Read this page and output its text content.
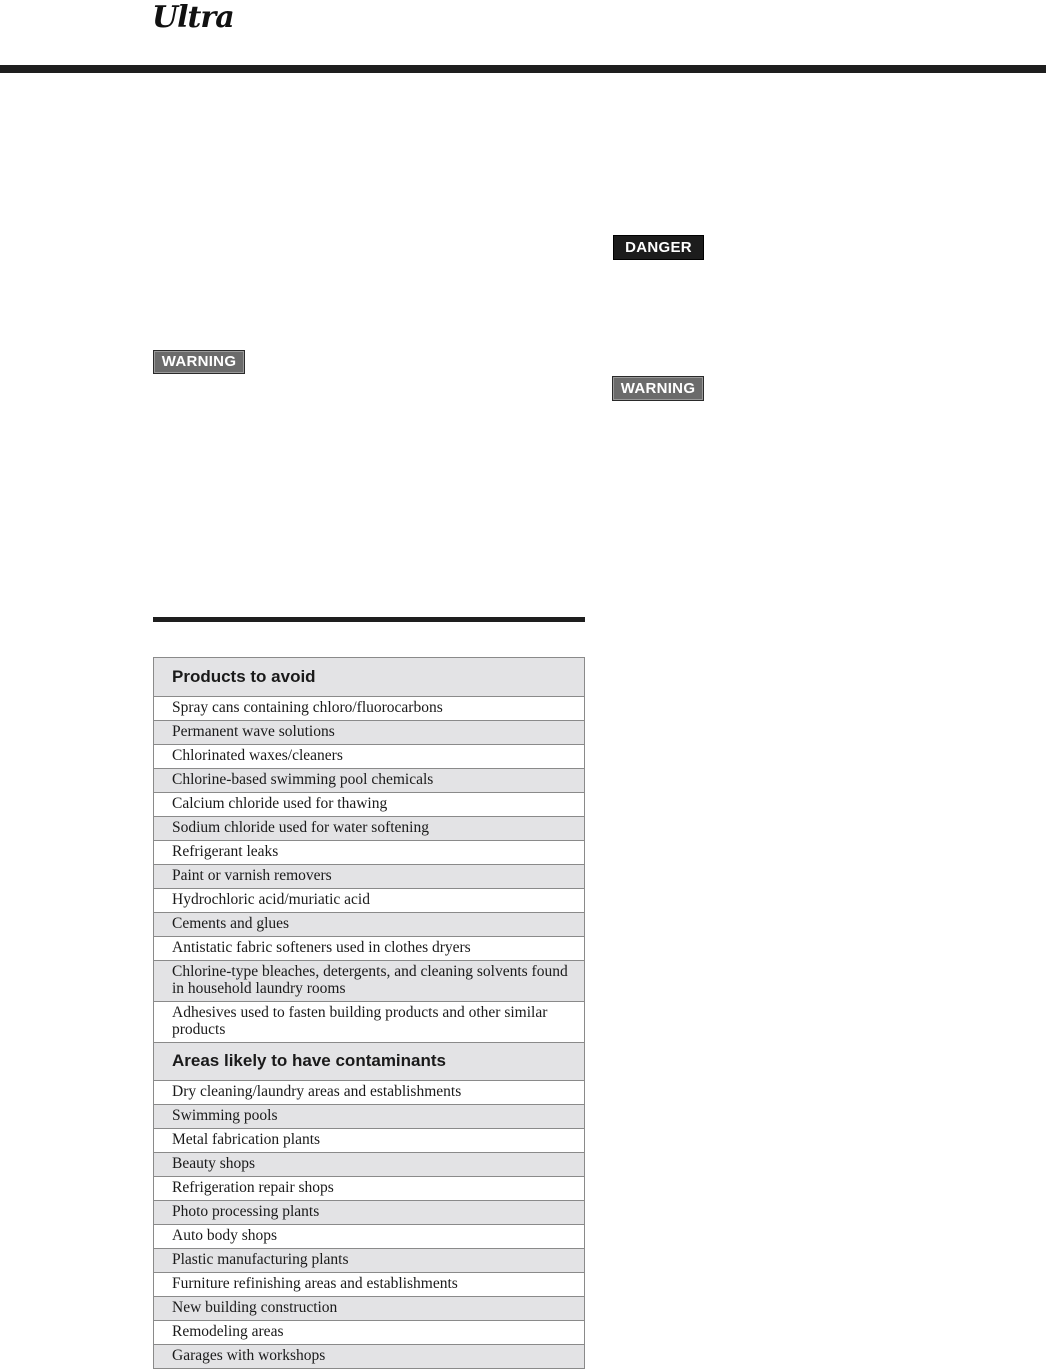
Ultra
WARNING
DANGER
WARNING
Products to avoid
Spray cans containing chloro/fluorocarbons
Permanent wave solutions
Chlorinated waxes/cleaners
Chlorine-based swimming pool chemicals
Calcium chloride used for thawing
Sodium chloride used for water softening
Refrigerant leaks
Paint or varnish removers
Hydrochloric acid/muriatic acid
Cements and glues
Antistatic fabric softeners used in clothes dryers
Chlorine-type bleaches, detergents, and cleaning solvents found in household laundry rooms
Adhesives used to fasten building products and other similar products
Areas likely to have contaminants
Dry cleaning/laundry areas and establishments
Swimming pools
Metal fabrication plants
Beauty shops
Refrigeration repair shops
Photo processing plants
Auto body shops
Plastic manufacturing plants
Furniture refinishing areas and establishments
New building construction
Remodeling areas
Garages with workshops
